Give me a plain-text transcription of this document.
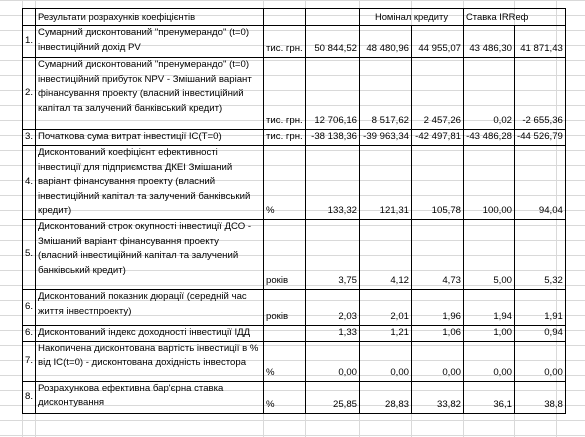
	Результати розрахунків коефіцієнтів			Номінал кредиту		Ставка IRReф	
1.	Сумарний дисконтований "пренумерандо" (t=0) інвестиційний дохід PV	тис. грн.	50 844,52	48 480,96	44 955,07	43 486,30	41 871,43
2.	Сумарний дисконтований "пренумерандо" (t=0) інвестиційний прибуток NPV - Змішаний варіант фінансування проекту (власний інвестиційний капітал та залучений банківський кредит)	тис. грн.	12 706,16	8 517,62	2 457,26	0,02	-2 655,36
3.	Початкова сума витрат інвестиції IC(T=0)	тис. грн.	-38 138,36	-39 963,34	-42 497,81	-43 486,28	-44 526,79
4.	Дисконтований коефіцієнт ефективності інвестиції для підприємства ДКЕІ Змішаний варіант фінансування проекту (власний інвестиційний капітал та залучений банківський кредит)	%	133,32	121,31	105,78	100,00	94,04
5.	Дисконтований строк окупності інвестиції ДСО - Змішаний варіант фінансування проекту (власний інвестиційний капітал та залучений банківський кредит)	років	3,75	4,12	4,73	5,00	5,32
6.	Дисконтований показник дюрації (середній час життя інвестпроекту)	років	2,03	2,01	1,96	1,94	1,91
6.	Дисконтований індекс доходності інвестиції ІДД		1,33	1,21	1,06	1,00	0,94
7.	Накопичена дисконтована вартість інвестиції в % від IC(t=0) - дисконтована дохідність інвестора	%	0,00	0,00	0,00	0,00	0,00
8.	Розрахункова ефективна бар'єрна ставка дисконтування	%	25,85	28,83	33,82	36,1	38,8
